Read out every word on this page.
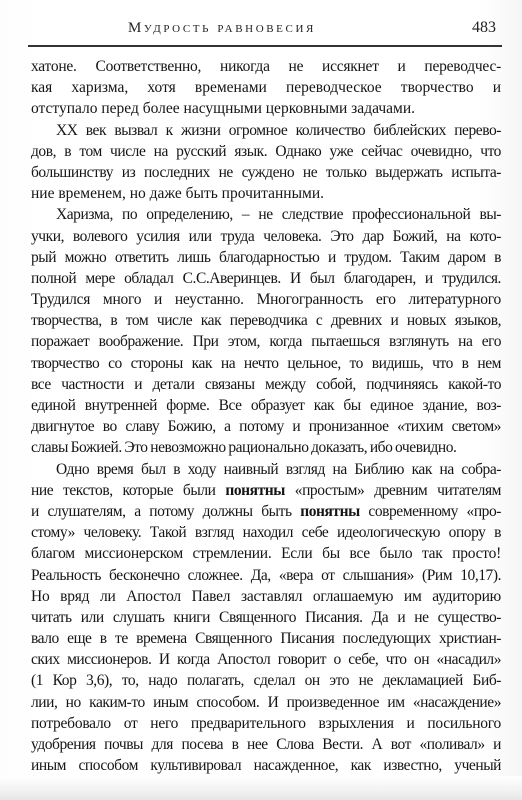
Мудрость равновесия	483
хатоне. Соответственно, никогда не иссякнет и переводчес-
кая харизма, хотя временами переводческое творчество и
отступало перед более насущными церковными задачами.
XX век вызвал к жизни огромное количество библейских перево-
дов, в том числе на русский язык. Однако уже сейчас очевидно, что
большинству из последних не суждено не только выдержать испыта-
ние временем, но даже быть прочитанными.
Харизма, по определению, – не следствие профессиональной вы-
учки, волевого усилия или труда человека. Это дар Божий, на кото-
рый можно ответить лишь благодарностью и трудом. Таким даром в
полной мере обладал С.С.Аверинцев. И был благодарен, и трудился.
Трудился много и неустанно. Многогранность его литературного
творчества, в том числе как переводчика с древних и новых языков,
поражает воображение. При этом, когда пытаешься взглянуть на его
творчество со стороны как на нечто цельное, то видишь, что в нем
все частности и детали связаны между собой, подчиняясь какой-то
единой внутренней форме. Все образует как бы единое здание, воз-
двигнутое во славу Божию, а потому и пронизанное «тихим светом»
славы Божией. Это невозможно рационально доказать, ибо очевидно.
Одно время был в ходу наивный взгляд на Библию как на собра-
ние текстов, которые были понятны «простым» древним читателям
и слушателям, а потому должны быть понятны современному «про-
стому» человеку. Такой взгляд находил себе идеологическую опору в
благом миссионерском стремлении. Если бы все было так просто!
Реальность бесконечно сложнее. Да, «вера от слышания» (Рим 10,17).
Но вряд ли Апостол Павел заставлял оглашаемую им аудиторию
читать или слушать книги Священного Писания. Да и не существо-
вало еще в те времена Священного Писания последующих христиан-
ских миссионеров. И когда Апостол говорит о себе, что он «насадил»
(1 Кор 3,6), то, надо полагать, сделал он это не декламацией Биб-
лии, но каким-то иным способом. И произведенное им «насаждение»
потребовало от него предварительного взрыхления и посильного
удобрения почвы для посева в нее Слова Вести. А вот «поливал» и
иным способом культивировал насажденное, как известно, ученый
